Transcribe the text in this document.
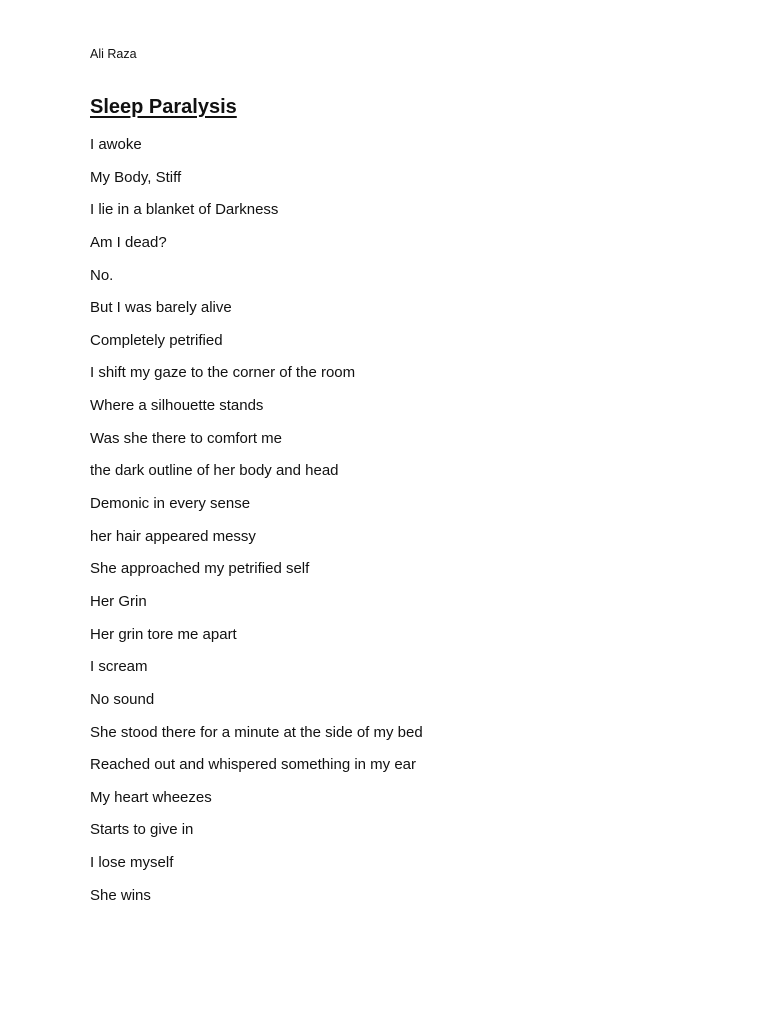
Ali Raza
Sleep Paralysis
I awoke
My Body, Stiff
I lie in a blanket of Darkness
Am I dead?
No.
But I was barely alive
Completely petrified
I shift my gaze to the corner of the room
Where a silhouette stands
Was she there to comfort me
the dark outline of her body and head
Demonic in every sense
her hair appeared messy
She approached my petrified self
Her Grin
Her grin tore me apart
I scream
No sound
She stood there for a minute at the side of my bed
Reached out and whispered something in my ear
My heart wheezes
Starts to give in
I lose myself
She wins
